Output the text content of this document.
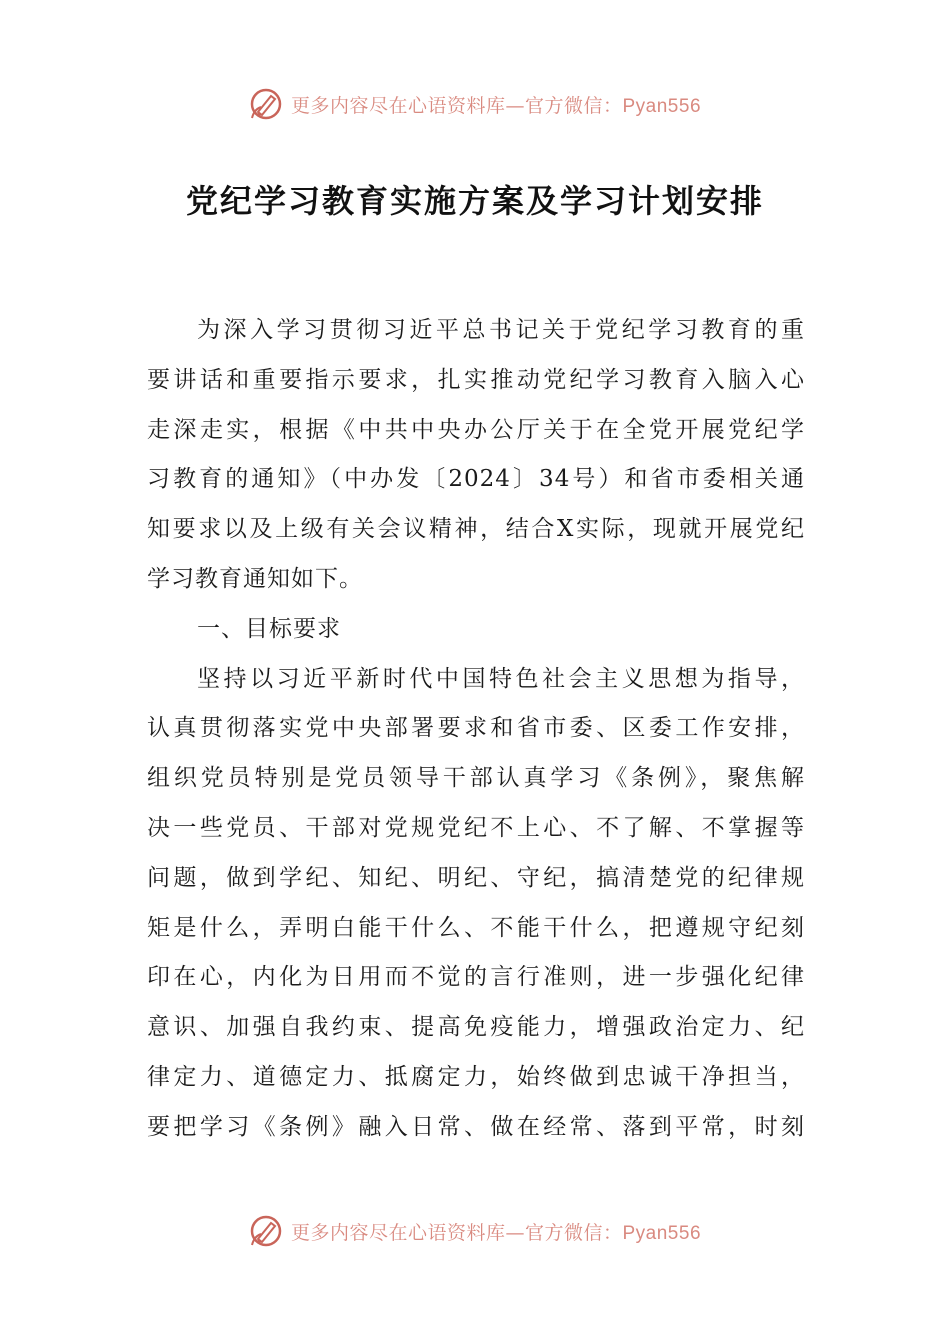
更多内容尽在心语资料库—官方微信：Pyan556
党纪学习教育实施方案及学习计划安排
为深入学习贯彻习近平总书记关于党纪学习教育的重
要讲话和重要指示要求，扎实推动党纪学习教育入脑入心
走深走实，根据《中共中央办公厅关于在全党开展党纪学
习教育的通知》（中办发〔2024〕34号）和省市委相关通
知要求以及上级有关会议精神，结合X实际，现就开展党纪
学习教育通知如下。
一、目标要求
坚持以习近平新时代中国特色社会主义思想为指导，
认真贯彻落实党中央部署要求和省市委、区委工作安排，
组织党员特别是党员领导干部认真学习《条例》，聚焦解
决一些党员、干部对党规党纪不上心、不了解、不掌握等
问题，做到学纪、知纪、明纪、守纪，搞清楚党的纪律规
矩是什么，弄明白能干什么、不能干什么，把遵规守纪刻
印在心，内化为日用而不觉的言行准则，进一步强化纪律
意识、加强自我约束、提高免疫能力，增强政治定力、纪
律定力、道德定力、抵腐定力，始终做到忠诚干净担当，
要把学习《条例》融入日常、做在经常、落到平常，时刻
更多内容尽在心语资料库—官方微信：Pyan556
